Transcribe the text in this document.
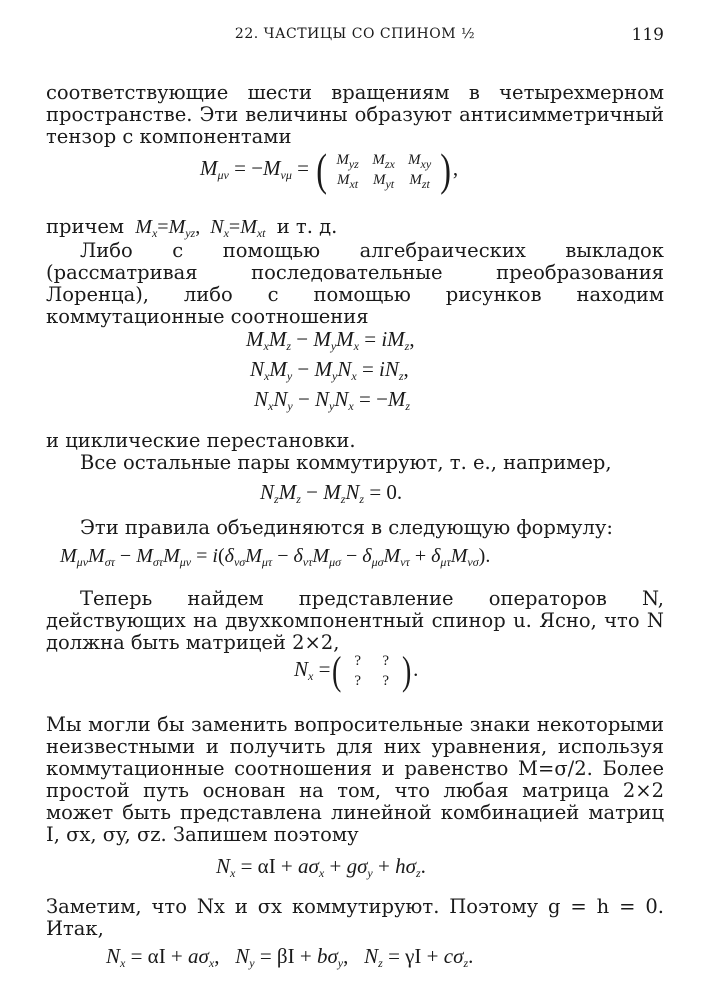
22. ЧАСТИЦЫ СО СПИНОМ ½	119

соответствующие шести вращениям в четырехмерном пространстве. Эти величины образуют антисимметричный тензор с компонентами

$M_{\mu\nu} = -M_{\nu\mu}$ = ( $M_{yz}$ $M_{zx}$ $M_{xy}$
$M_{xt}$ $M_{yt}$ $M_{zt}$ ) ,
причем  $M_x=M_{yz}$,  $N_x=M_{xt}$ и т. д.

Либо с помощью алгебраических выкладок (рассматривая последовательные преобразования Лоренца), либо с помощью рисунков находим коммутационные соотношения

$M_xM_z - M_yM_x = iM_z$,
$N_xM_y - M_yN_x = iN_z$,
$N_xN_y - N_yN_x = -M_z$
и циклические перестановки.
Все остальные пары коммутируют, т. е., например,
$N_zM_z - M_zN_z = 0$.
Эти правила объединяются в следующую формулу:
$M_{\mu\nu}M_{\sigma\tau} - M_{\sigma\tau}M_{\mu\nu} = i(\delta_{\nu\sigma}M_{\mu\tau} - \delta_{\nu\tau}M_{\mu\sigma} - \delta_{\mu\sigma}M_{\nu\tau} + \delta_{\mu\tau}M_{\nu\sigma})$.

Теперь найдем представление операторов N, действующих на двухкомпонентный спинор u. Ясно, что N должна быть матрицей 2×2,

$N_x$ =( ? ?
? ? ).

Мы могли бы заменить вопросительные знаки некоторыми неизвестными и получить для них уравнения, используя коммутационные соотношения и равенство M=σ/2. Более простой путь основан на том, что любая матрица 2×2 может быть представлена линейной комбинацией матриц I, σx, σy, σz. Запишем поэтому

$N_x = \alpha I + a\sigma_x + g\sigma_y + h\sigma_z$.

Заметим, что Nx и σx коммутируют. Поэтому g = h = 0. Итак,

$N_x = \alpha I + a\sigma_x$,   $N_y = \beta I + b\sigma_y$,   $N_z = \gamma I + c\sigma_z$.
